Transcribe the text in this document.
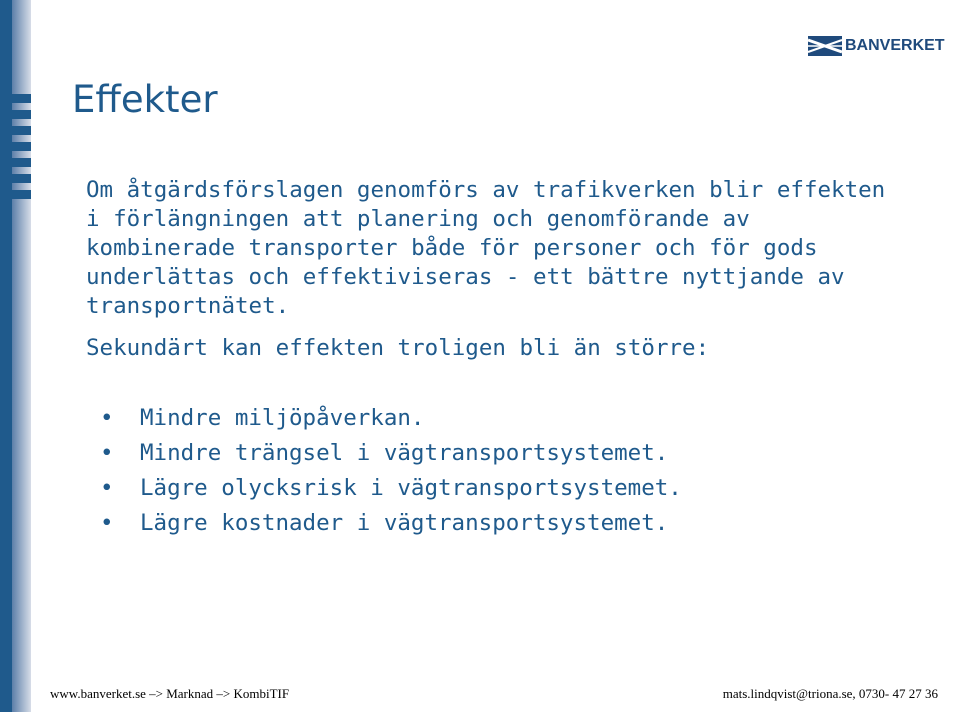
BANVERKET
Effekter

Om åtgärdsförslagen genomförs av trafikverken blir effekten i förlängningen att planering och genomförande av kombinerade transporter både för personer och för gods underlättas och effektiviseras - ett bättre nyttjande av transportnätet.

Sekundärt kan effekten troligen bli än större:

• Mindre miljöpåverkan.
• Mindre trängsel i vägtransportsystemet.
• Lägre olycksrisk i vägtransportsystemet.
• Lägre kostnader i vägtransportsystemet.
www.banverket.se –> Marknad –> KombiTIF	mats.lindqvist@triona.se, 0730- 47 27 36
